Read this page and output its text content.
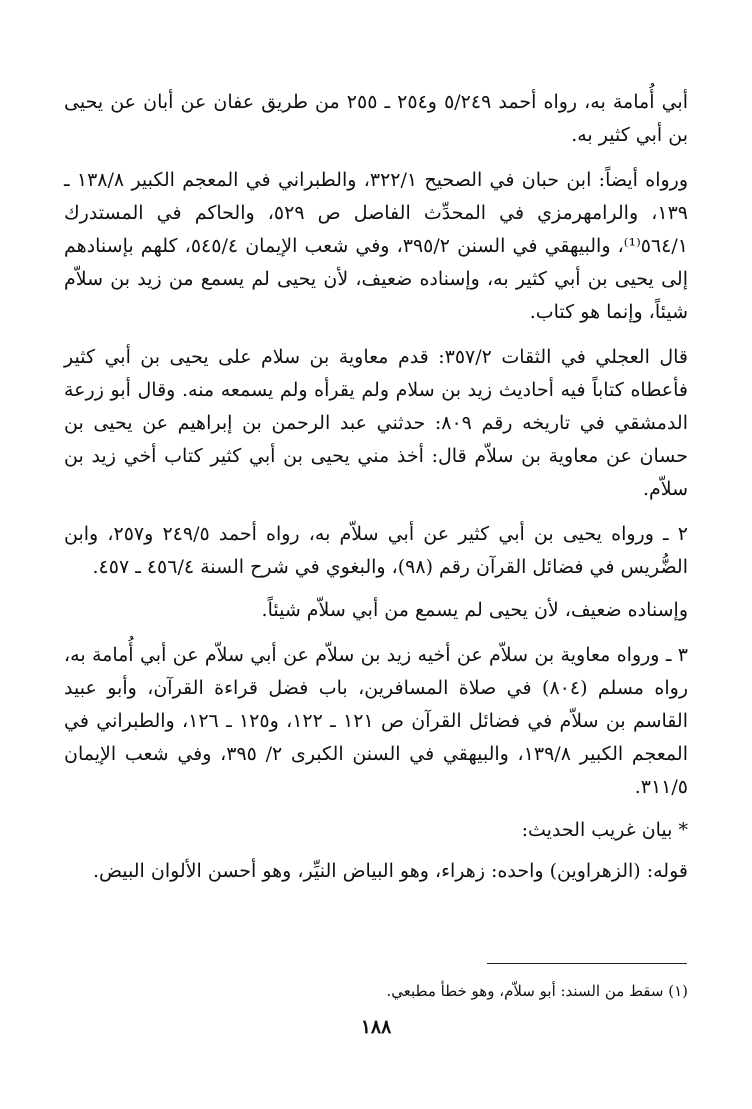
أبي أُمامة به، رواه أحمد ٥/٢٤٩ و٢٥٤ ـ ٢٥٥ من طريق عفان عن أبان عن يحيى بن أبي كثير به.

ورواه أيضاً: ابن حبان في الصحيح ٣٢٢/١، والطبراني في المعجم الكبير ١٣٨/٨ ـ ١٣٩، والرامهرمزي في المحدِّث الفاصل ص ٥٢٩، والحاكم في المستدرك ٥٦٤/١⁽¹⁾، والبيهقي في السنن ٣٩٥/٢، وفي شعب الإيمان ٥٤٥/٤، كلهم بإسنادهم إلى يحيى بن أبي كثير به، وإسناده ضعيف، لأن يحيى لم يسمع من زيد بن سلاّم شيئاً، وإنما هو كتاب.

قال العجلي في الثقات ٣٥٧/٢: قدم معاوية بن سلام على يحيى بن أبي كثير فأعطاه كتاباً فيه أحاديث زيد بن سلام ولم يقرأه ولم يسمعه منه. وقال أبو زرعة الدمشقي في تاريخه رقم ٨٠٩: حدثني عبد الرحمن بن إبراهيم عن يحيى بن حسان عن معاوية بن سلاّم قال: أخذ مني يحيى بن أبي كثير كتاب أخي زيد بن سلاّم.

٢ ـ ورواه يحيى بن أبي كثير عن أبي سلاّم به، رواه أحمد ٢٤٩/٥ و٢٥٧، وابن الضُّريس في فضائل القرآن رقم (٩٨)، والبغوي في شرح السنة ٤٥٦/٤ ـ ٤٥٧.

وإسناده ضعيف، لأن يحيى لم يسمع من أبي سلاّم شيئاً.

٣ ـ ورواه معاوية بن سلاّم عن أخيه زيد بن سلاّم عن أبي سلاّم عن أبي أُمامة به، رواه مسلم (٨٠٤) في صلاة المسافرين، باب فضل قراءة القرآن، وأبو عبيد القاسم بن سلاّم في فضائل القرآن ص ١٢١ ـ ١٢٢، و١٢٥ ـ ١٢٦، والطبراني في المعجم الكبير ١٣٩/٨، والبيهقي في السنن الكبرى ٢/ ٣٩٥، وفي شعب الإيمان ٣١١/٥.

* بيان غريب الحديث:

قوله: (الزهراوين) واحده: زهراء، وهو البياض النيِّر، وهو أحسن الألوان البيض.

(١) سقط من السند: أبو سلاّم، وهو خطأ مطبعي.
١٨٨
